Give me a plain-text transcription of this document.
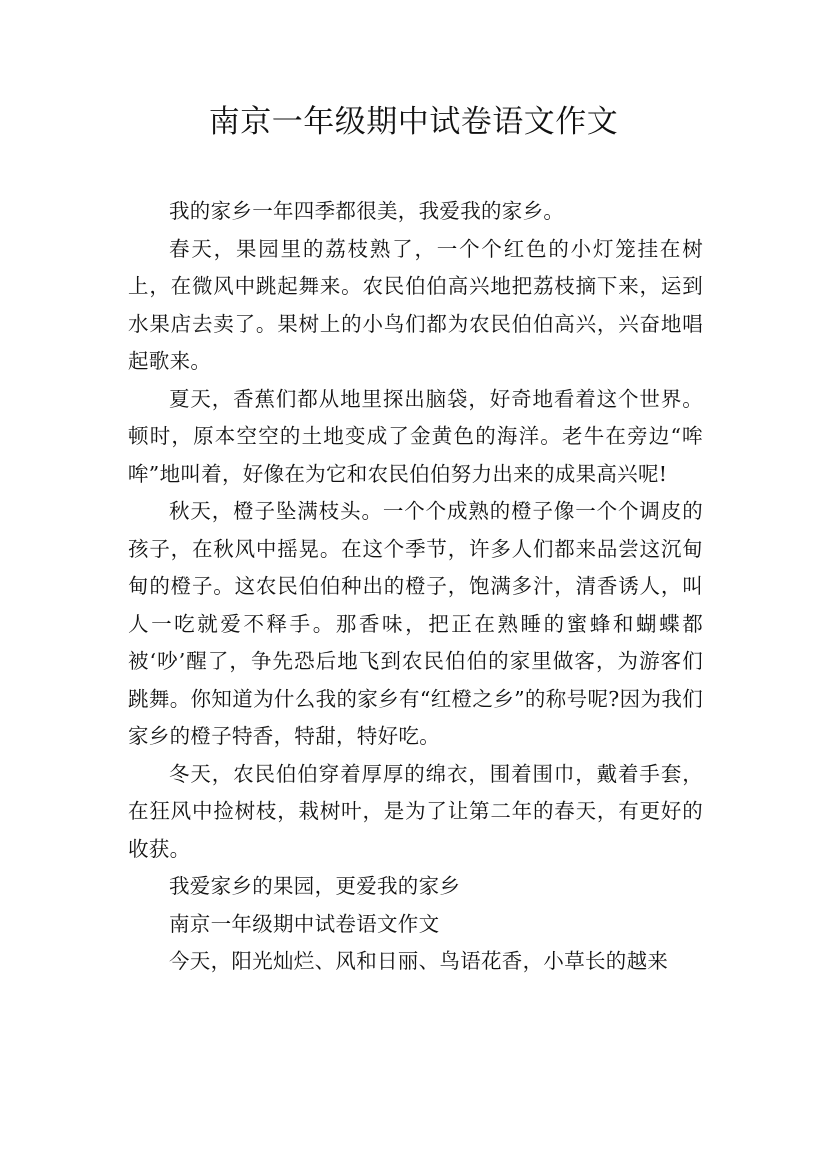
南京一年级期中试卷语文作文

我的家乡一年四季都很美，我爱我的家乡。

春天，果园里的荔枝熟了，一个个红色的小灯笼挂在树上，在微风中跳起舞来。农民伯伯高兴地把荔枝摘下来，运到水果店去卖了。果树上的小鸟们都为农民伯伯高兴，兴奋地唱起歌来。

夏天，香蕉们都从地里探出脑袋，好奇地看着这个世界。顿时，原本空空的土地变成了金黄色的海洋。老牛在旁边“哞哞”地叫着，好像在为它和农民伯伯努力出来的成果高兴呢!

秋天，橙子坠满枝头。一个个成熟的橙子像一个个调皮的孩子，在秋风中摇晃。在这个季节，许多人们都来品尝这沉甸甸的橙子。这农民伯伯种出的橙子，饱满多汁，清香诱人，叫人一吃就爱不释手。那香味，把正在熟睡的蜜蜂和蝴蝶都被‘吵’醒了，争先恐后地飞到农民伯伯的家里做客，为游客们跳舞。你知道为什么我的家乡有“红橙之乡”的称号呢?因为我们家乡的橙子特香，特甜，特好吃。

冬天，农民伯伯穿着厚厚的绵衣，围着围巾，戴着手套，在狂风中捡树枝，栽树叶，是为了让第二年的春天，有更好的收获。

我爱家乡的果园，更爱我的家乡

南京一年级期中试卷语文作文

今天，阳光灿烂、风和日丽、鸟语花香，小草长的越来
